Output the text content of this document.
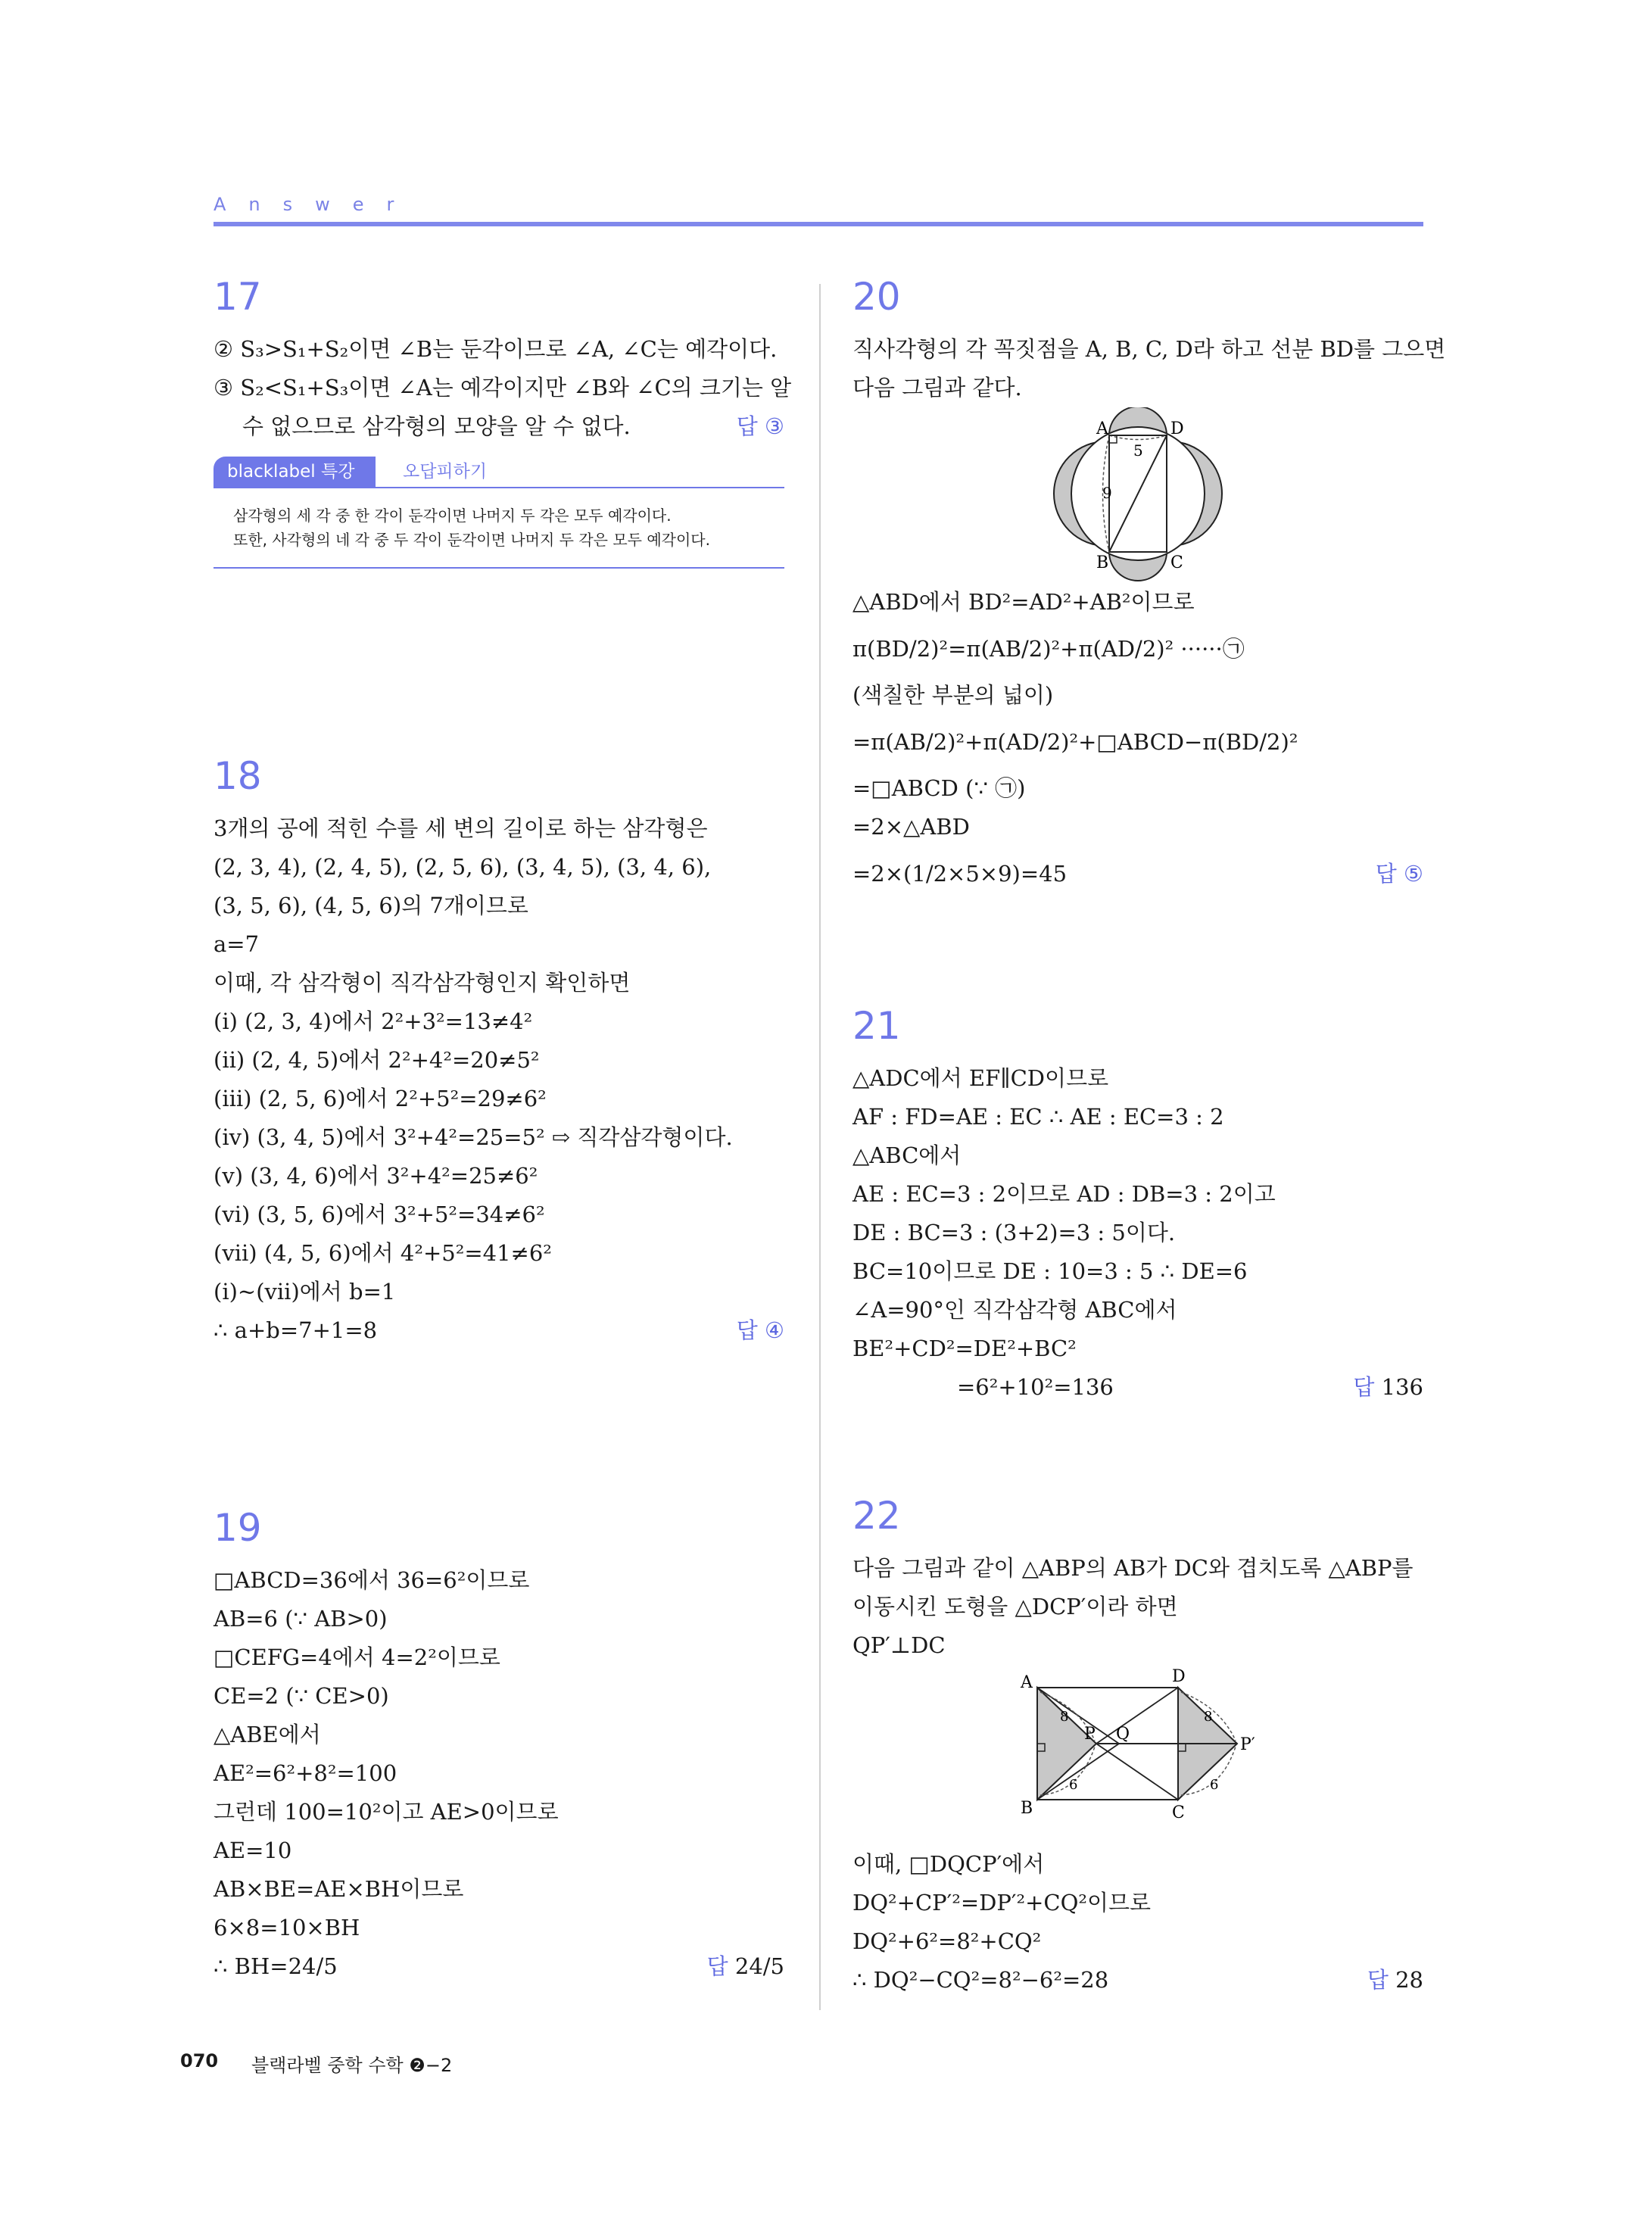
Answer
17
② S₃>S₁+S₂이면 ∠B는 둔각이므로 ∠A, ∠C는 예각이다.
③ S₂<S₁+S₃이면 ∠A는 예각이지만 ∠B와 ∠C의 크기는 알
수 없으므로 삼각형의 모양을 알 수 없다.	답 ③
blacklabel 특강	오답피하기
삼각형의 세 각 중 한 각이 둔각이면 나머지 두 각은 모두 예각이다.
또한, 사각형의 네 각 중 두 각이 둔각이면 나머지 두 각은 모두 예각이다.
18
3개의 공에 적힌 수를 세 변의 길이로 하는 삼각형은
(2, 3, 4), (2, 4, 5), (2, 5, 6), (3, 4, 5), (3, 4, 6),
(3, 5, 6), (4, 5, 6)의 7개이므로
a=7
이때, 각 삼각형이 직각삼각형인지 확인하면
(ⅰ) (2, 3, 4)에서 2²+3²=13≠4²
(ⅱ) (2, 4, 5)에서 2²+4²=20≠5²
(ⅲ) (2, 5, 6)에서 2²+5²=29≠6²
(ⅳ) (3, 4, 5)에서 3²+4²=25=5² ⇨ 직각삼각형이다.
(ⅴ) (3, 4, 6)에서 3²+4²=25≠6²
(ⅵ) (3, 5, 6)에서 3²+5²=34≠6²
(ⅶ) (4, 5, 6)에서 4²+5²=41≠6²
(ⅰ)~(ⅶ)에서 b=1
∴ a+b=7+1=8	답 ④
19
□ABCD=36에서 36=6²이므로
AB=6 (∵ AB>0)
□CEFG=4에서 4=2²이므로
CE=2 (∵ CE>0)
△ABE에서
AE²=6²+8²=100
그런데 100=10²이고 AE>0이므로
AE=10
AB×BE=AE×BH이므로
6×8=10×BH
∴ BH=24/5	답 24/5
20
직사각형의 각 꼭짓점을 A, B, C, D라 하고 선분 BD를 그으면
다음 그림과 같다.
A	D
B	C
5
9
△ABD에서 BD²=AD²+AB²이므로
π(BD/2)²=π(AB/2)²+π(AD/2)² ······㉠
(색칠한 부분의 넓이)
=π(AB/2)²+π(AD/2)²+□ABCD−π(BD/2)²
=□ABCD (∵ ㉠)
=2×△ABD
=2×(1/2×5×9)=45	답 ⑤
21
△ADC에서 EF∥CD이므로
AF : FD=AE : EC ∴ AE : EC=3 : 2
△ABC에서
AE : EC=3 : 2이므로 AD : DB=3 : 2이고
DE : BC=3 : (3+2)=3 : 5이다.
BC=10이므로 DE : 10=3 : 5 ∴ DE=6
∠A=90°인 직각삼각형 ABC에서
BE²+CD²=DE²+BC²
=6²+10²=136	답 136
22
다음 그림과 같이 △ABP의 AB가 DC와 겹치도록 △ABP를
이동시킨 도형을 △DCP′이라 하면
QP′⊥DC
A
B
D
C
P Q
P′
8	8
6	6
이때, □DQCP′에서
DQ²+CP′²=DP′²+CQ²이므로
DQ²+6²=8²+CQ²
∴ DQ²−CQ²=8²−6²=28	답 28
070 블랙라벨 중학 수학 ❷−2
